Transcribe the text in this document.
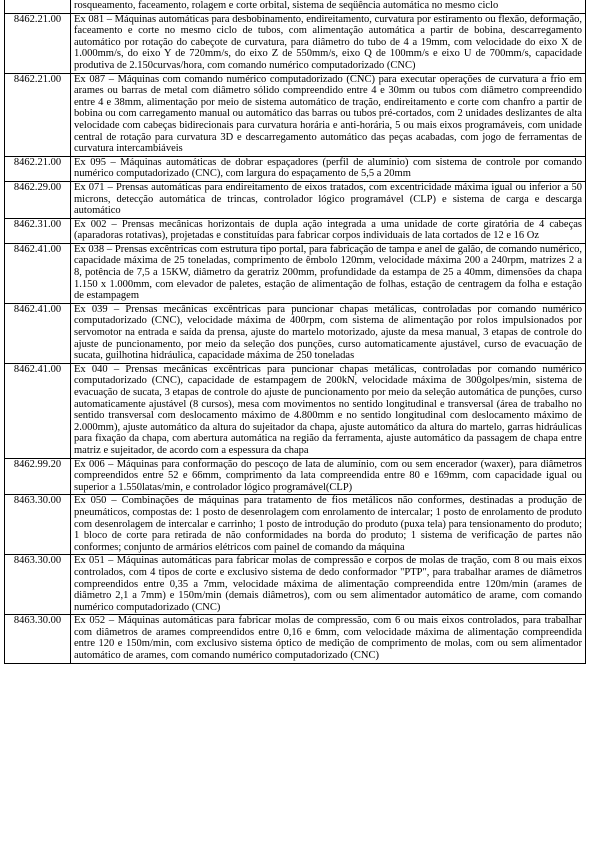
	rosqueamento, faceamento, rolagem e corte orbital, sistema de seqüência automática no mesmo ciclo
8462.21.00	Ex 081 – Máquinas automáticas para desbobinamento, endireitamento, curvatura por estiramento ou flexão, deformação, faceamento e corte no mesmo ciclo de tubos, com alimentação automática a partir de bobina, descarregamento automático por rotação do cabeçote de curvatura, para diâmetro do tubo de 4 a 19mm, com velocidade do eixo X de 1.000mm/s, do eixo Y de 720mm/s, do eixo Z de 550mm/s, eixo Q de 100mm/s e eixo U de 700mm/s, capacidade produtiva de 2.150curvas/hora, com comando numérico computadorizado (CNC)
8462.21.00	Ex 087 – Máquinas com comando numérico computadorizado (CNC) para executar operações de curvatura a frio em arames ou barras de metal com diâmetro sólido compreendido entre 4 e 30mm ou tubos com diâmetro compreendido entre 4 e 38mm, alimentação por meio de sistema automático de tração, endireitamento e corte com chanfro a partir de bobina ou com carregamento manual ou automático das barras ou tubos pré-cortados, com 2 unidades deslizantes de alta velocidade com cabeças bidirecionais para curvatura horária e anti-horária, 5 ou mais eixos programáveis, com unidade central de rotação para curvatura 3D e descarregamento automático das peças acabadas, com jogo de ferramentas de curvatura intercambiáveis
8462.21.00	Ex 095 – Máquinas automáticas de dobrar espaçadores (perfil de alumínio) com sistema de controle por comando numérico computadorizado (CNC), com largura do espaçamento de 5,5 a 20mm
8462.29.00	Ex 071 – Prensas automáticas para endireitamento de eixos tratados, com excentricidade máxima igual ou inferior a 50 microns, detecção automática de trincas, controlador lógico programável (CLP) e sistema de carga e descarga automático
8462.31.00	Ex 002 – Prensas mecânicas horizontais de dupla ação integrada a uma unidade de corte giratória de 4 cabeças (aparadoras rotativas), projetadas e constituídas para fabricar corpos individuais de lata cortados de 12 e 16 Oz
8462.41.00	Ex 038 – Prensas excêntricas com estrutura tipo portal, para fabricação de tampa e anel de galão, de comando numérico, capacidade máxima de 25 toneladas, comprimento de êmbolo 120mm, velocidade máxima 200 a 240rpm, matrizes 2 a 8, potência de 7,5 a 15KW, diâmetro da geratriz 200mm, profundidade da estampa de 25 a 40mm, dimensões da chapa 1.150 x 1.000mm, com elevador de paletes, estação de alimentação de folhas, estação de centragem da folha e estação de estampagem
8462.41.00	Ex 039 – Prensas mecânicas excêntricas para puncionar chapas metálicas, controladas por comando numérico computadorizado (CNC), velocidade máxima de 400rpm, com sistema de alimentação por rolos impulsionados por servomotor na entrada e saída da prensa, ajuste do martelo motorizado, ajuste da mesa manual, 3 etapas de controle do ajuste de puncionamento, por meio da seleção dos punções, curso automaticamente ajustável, curso de evacuação de sucata, guilhotina hidráulica, capacidade máxima de 250 toneladas
8462.41.00	Ex 040 – Prensas mecânicas excêntricas para puncionar chapas metálicas, controladas por comando numérico computadorizado (CNC), capacidade de estampagem de 200kN, velocidade máxima de 300golpes/min, sistema de evacuação de sucata, 3 etapas de controle do ajuste de puncionamento por meio da seleção automática de punções, curso automaticamente ajustável (8 cursos), mesa com movimentos no sentido longitudinal e transversal (área de trabalho no sentido transversal com deslocamento máximo de 4.800mm e no sentido longitudinal com deslocamento máximo de 2.000mm), ajuste automático da altura do sujeitador da chapa, ajuste automático da altura do martelo, garras hidráulicas para fixação da chapa, com abertura automática na região da ferramenta, ajuste automático da passagem de chapa entre matriz e sujeitador, de acordo com a espessura da chapa
8462.99.20	Ex 006 – Máquinas para conformação do pescoço de lata de alumínio, com ou sem encerador (waxer), para diâmetros compreendidos entre 52 e 66mm, comprimento da lata compreendida entre 80 e 169mm, com capacidade igual ou superior a 1.550latas/min, e controlador lógico programável(CLP)
8463.30.00	Ex 050 – Combinações de máquinas para tratamento de fios metálicos não conformes, destinadas a produção de pneumáticos, compostas de: 1 posto de desenrolagem com enrolamento de intercalar; 1 posto de enrolamento de produto com desenrolagem de intercalar e carrinho; 1 posto de introdução do produto (puxa tela) para tensionamento do produto; 1 bloco de corte para retirada de não conformidades na borda do produto; 1 sistema de verificação de partes não conformes; conjunto de armários elétricos com painel de comando da máquina
8463.30.00	Ex 051 – Máquinas automáticas para fabricar molas de compressão e corpos de molas de tração, com 8 ou mais eixos controlados, com 4 tipos de corte e exclusivo sistema de dedo conformador "PTP", para trabalhar arames de diâmetros compreendidos entre 0,35 a 7mm, velocidade máxima de alimentação compreendida entre 120m/min (arames de diâmetro 2,1 a 7mm) e 150m/min (demais diâmetros), com ou sem alimentador automático de arame, com comando numérico computadorizado (CNC)
8463.30.00	Ex 052 – Máquinas automáticas para fabricar molas de compressão, com 6 ou mais eixos controlados, para trabalhar com diâmetros de arames compreendidos entre 0,16 e 6mm, com velocidade máxima de alimentação compreendida entre 120 e 150m/min, com exclusivo sistema óptico de medição de comprimento de molas, com ou sem alimentador automático de arames, com comando numérico computadorizado (CNC)
